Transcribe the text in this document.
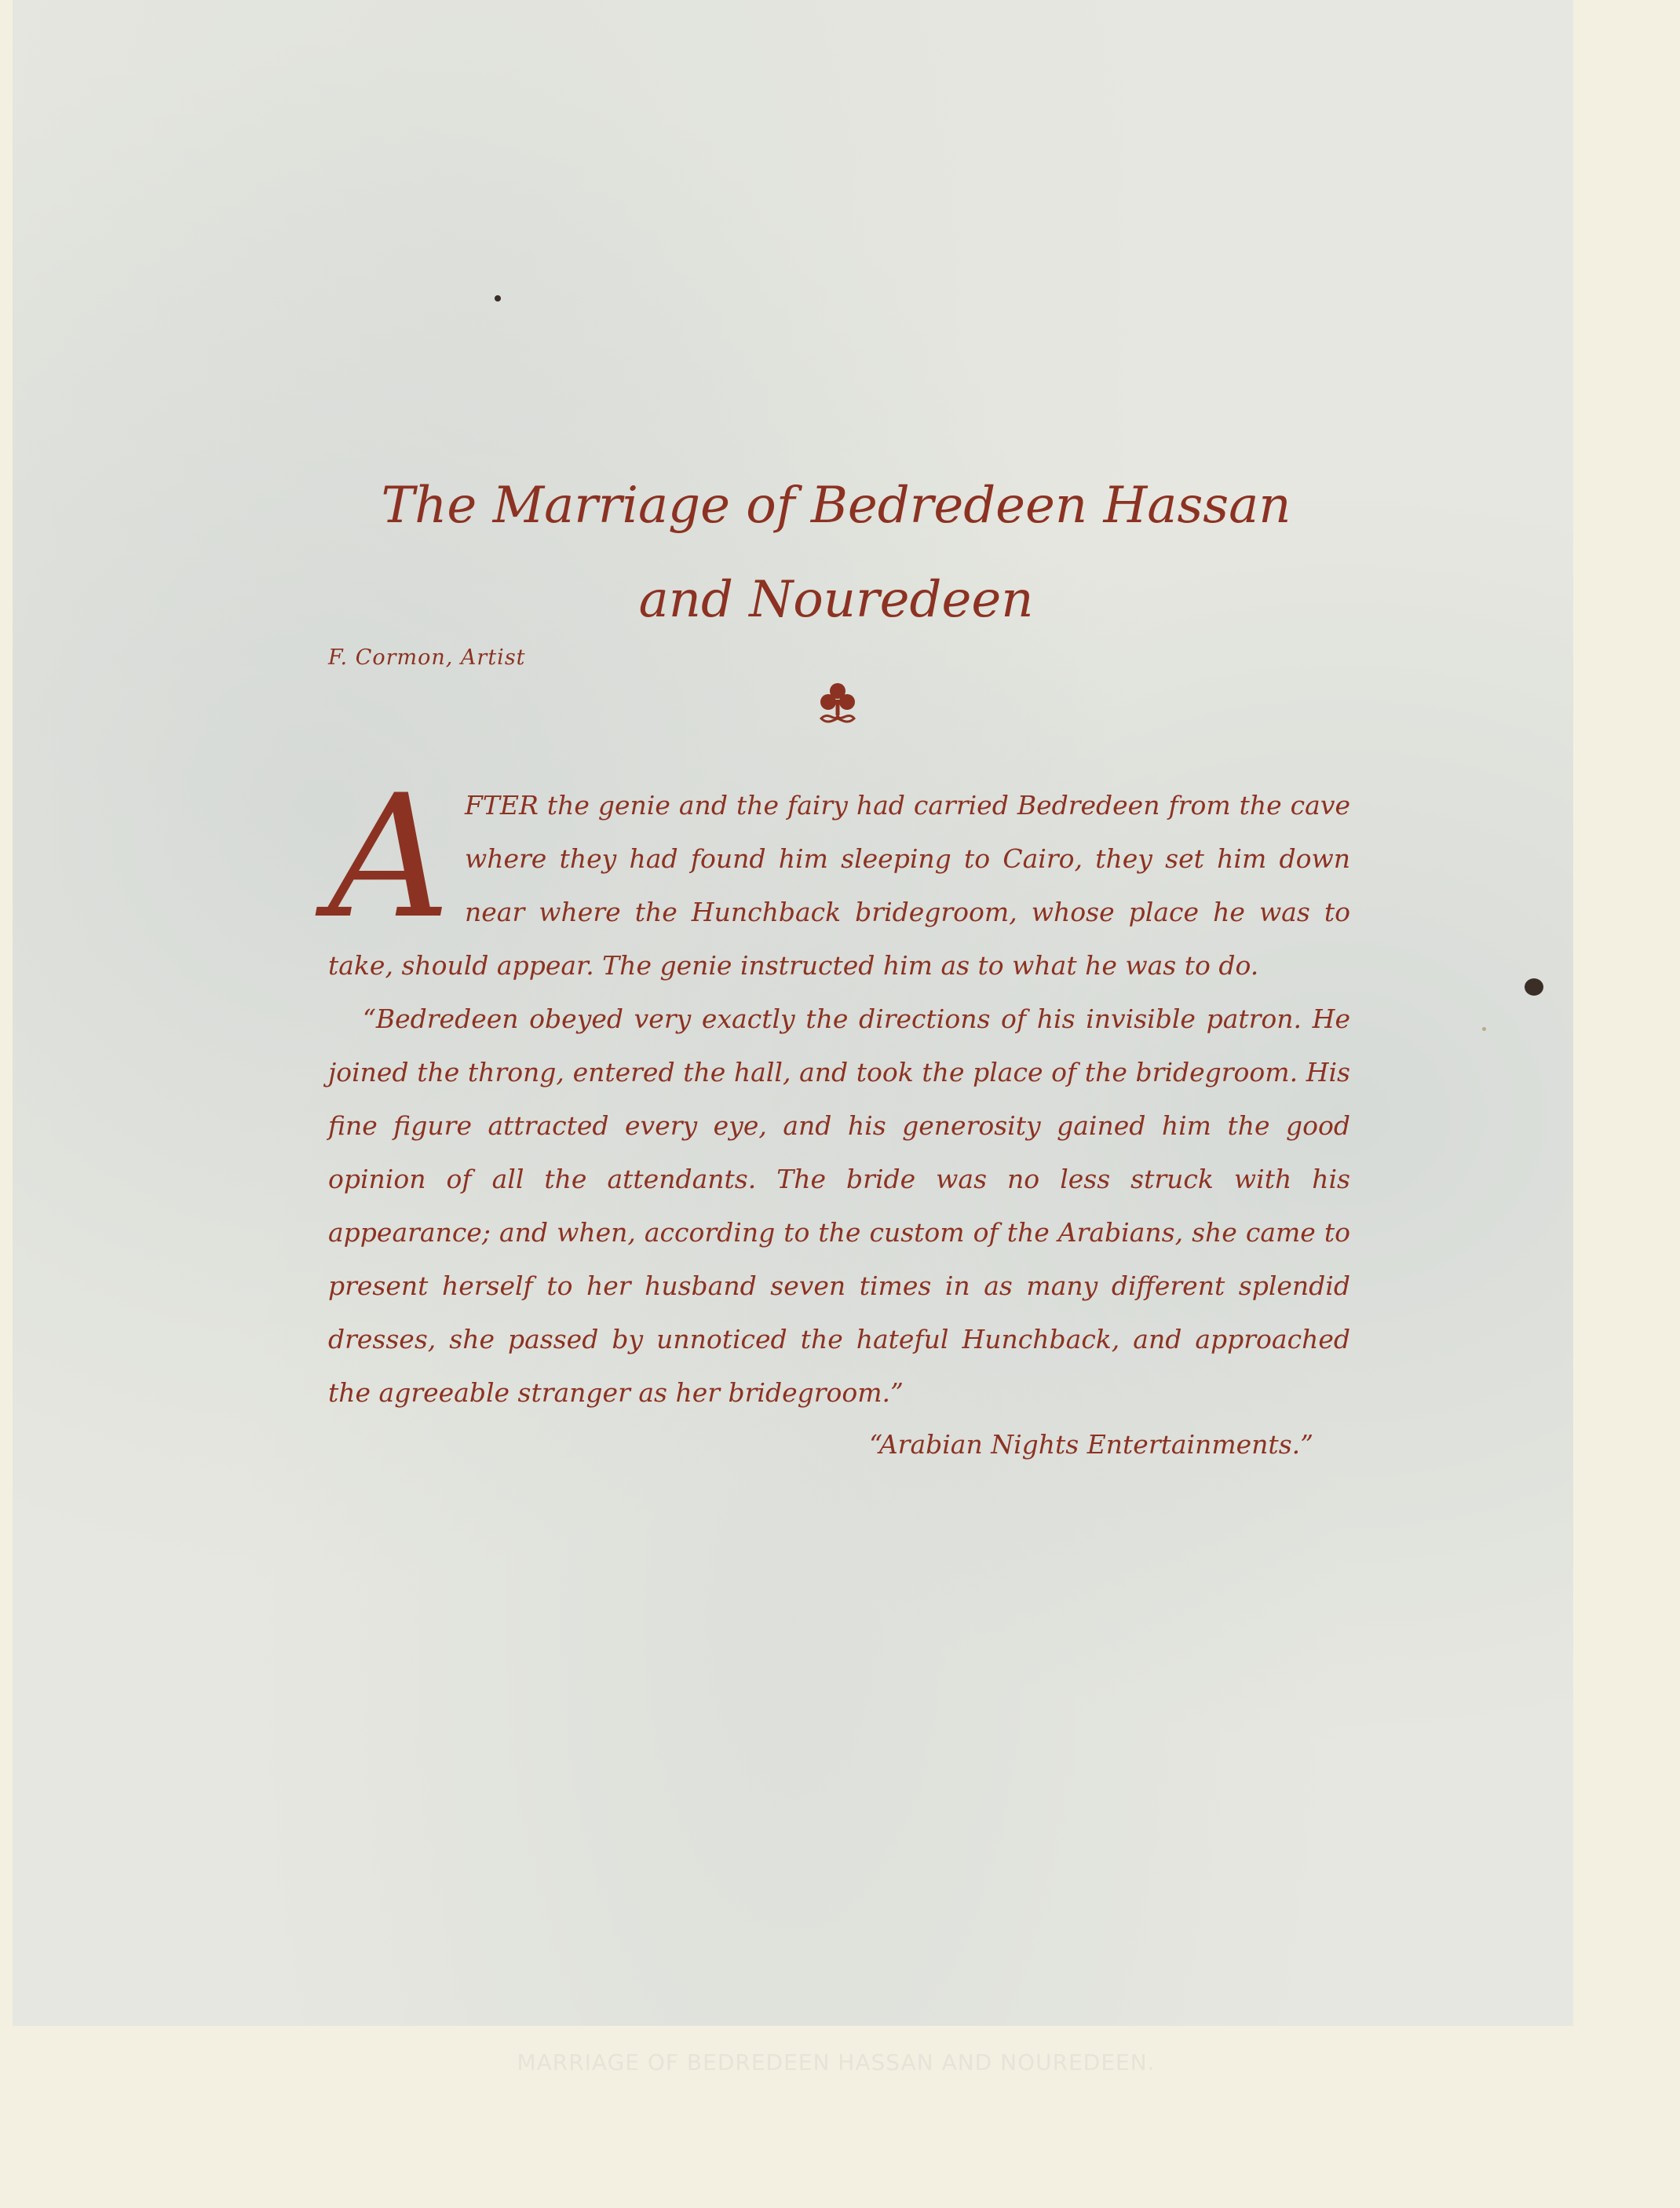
The Marriage of Bedredeen Hassan
and Nouredeen
F. Cormon, Artist
A FTER the genie and the fairy had carried Bedredeen from the cave where they had found him sleeping to Cairo, they set him down near where the Hunchback bridegroom, whose place he was to take, should appear. The genie instructed him as to what he was to do.

“Bedredeen obeyed very exactly the directions of his invisible patron. He joined the throng, entered the hall, and took the place of the bridegroom. His fine figure attracted every eye, and his generosity gained him the good opinion of all the attendants. The bride was no less struck with his appearance; and when, according to the custom of the Arabians, she came to present herself to her husband seven times in as many different splendid dresses, she passed by unnoticed the hateful Hunchback, and approached the agreeable stranger as her bridegroom.”

“Arabian Nights Entertainments.”
MARRIAGE OF BEDREDEEN HASSAN AND NOUREDEEN.
